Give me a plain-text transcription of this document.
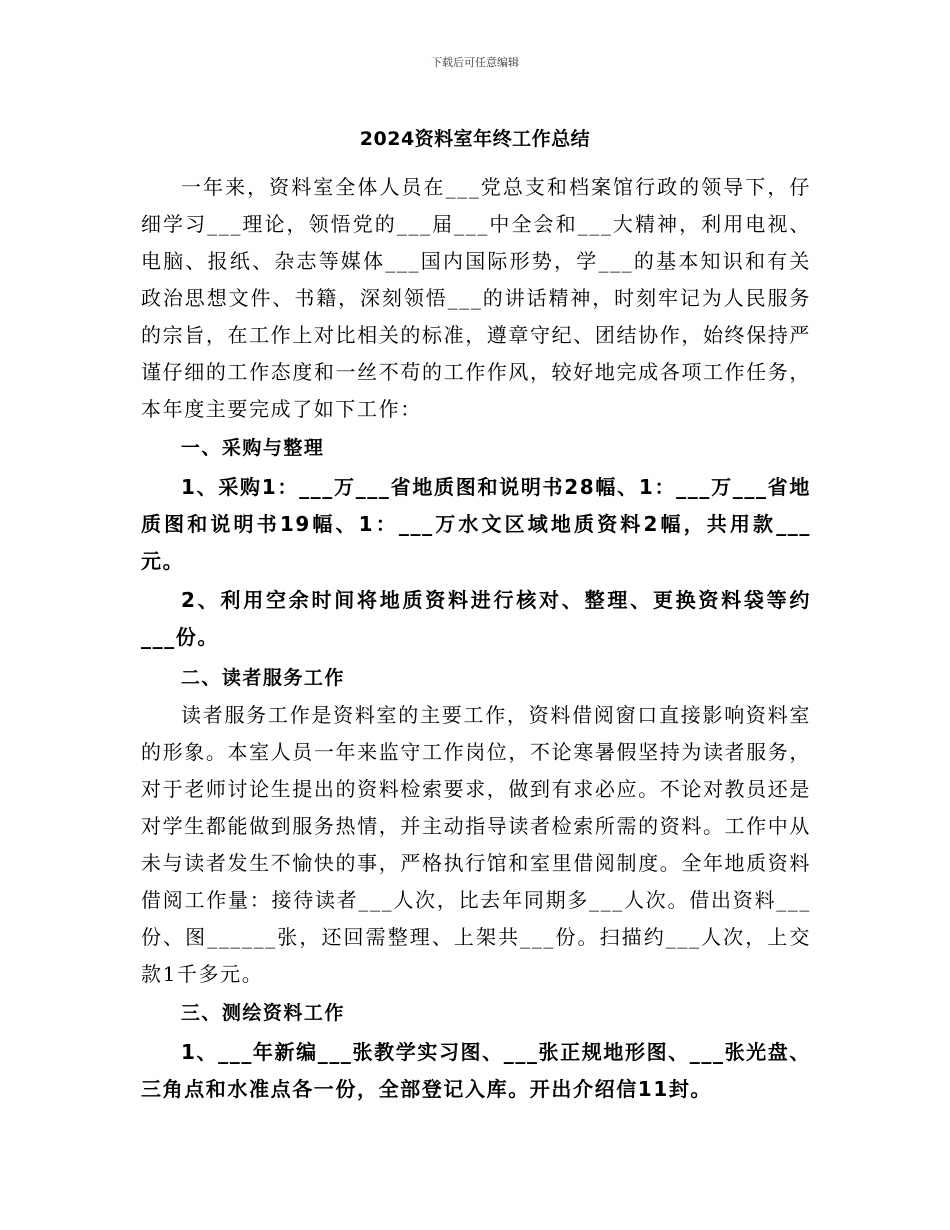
下载后可任意编辑
2024资料室年终工作总结

一年来，资料室全体人员在___党总支和档案馆行政的领导下，仔细学习___理论，领悟党的___届___中全会和___大精神，利用电视、电脑、报纸、杂志等媒体___国内国际形势，学___的基本知识和有关政治思想文件、书籍，深刻领悟___的讲话精神，时刻牢记为人民服务的宗旨，在工作上对比相关的标准，遵章守纪、团结协作，始终保持严谨仔细的工作态度和一丝不苟的工作作风，较好地完成各项工作任务，本年度主要完成了如下工作：

一、采购与整理

1、采购1：___万___省地质图和说明书28幅、1：___万___省地质图和说明书19幅、1：___万水文区域地质资料2幅，共用款___元。

2、利用空余时间将地质资料进行核对、整理、更换资料袋等约___份。

二、读者服务工作

读者服务工作是资料室的主要工作，资料借阅窗口直接影响资料室的形象。本室人员一年来监守工作岗位，不论寒暑假坚持为读者服务，对于老师讨论生提出的资料检索要求，做到有求必应。不论对教员还是对学生都能做到服务热情，并主动指导读者检索所需的资料。工作中从未与读者发生不愉快的事，严格执行馆和室里借阅制度。全年地质资料借阅工作量：接待读者___人次，比去年同期多___人次。借出资料___份、图______张，还回需整理、上架共___份。扫描约___人次，上交款1千多元。

三、测绘资料工作

1、___年新编___张教学实习图、___张正规地形图、___张光盘、三角点和水准点各一份，全部登记入库。开出介绍信11封。
